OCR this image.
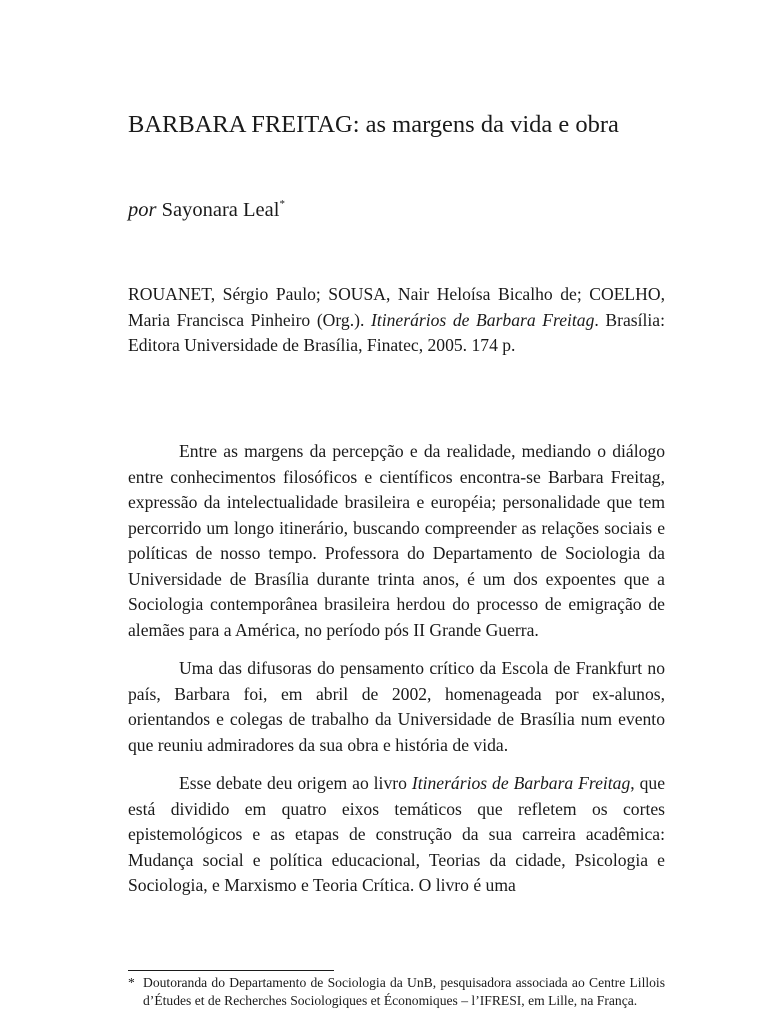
BARBARA FREITAG: as margens da vida e obra

por Sayonara Leal*

ROUANET, Sérgio Paulo; SOUSA, Nair Heloísa Bicalho de; COELHO, Maria Francisca Pinheiro (Org.). Itinerários de Barbara Freitag. Brasília: Editora Universidade de Brasília, Finatec, 2005. 174 p.

Entre as margens da percepção e da realidade, mediando o diálogo entre conhecimentos filosóficos e científicos encontra-se Barbara Freitag, expressão da intelectualidade brasileira e européia; personalidade que tem percorrido um longo itinerário, buscando compreender as relações sociais e políticas de nosso tempo. Professora do Departamento de Sociologia da Universidade de Brasília durante trinta anos, é um dos expoentes que a Sociologia contemporânea brasileira herdou do processo de emigração de alemães para a América, no período pós II Grande Guerra.

Uma das difusoras do pensamento crítico da Escola de Frankfurt no país, Barbara foi, em abril de 2002, homenageada por ex-alunos, orientandos e colegas de trabalho da Universidade de Brasília num evento que reuniu admiradores da sua obra e história de vida.

Esse debate deu origem ao livro Itinerários de Barbara Freitag, que está dividido em quatro eixos temáticos que refletem os cortes epistemológicos e as etapas de construção da sua carreira acadêmica: Mudança social e política educacional, Teorias da cidade, Psicologia e Sociologia, e Marxismo e Teoria Crítica. O livro é uma

* Doutoranda do Departamento de Sociologia da UnB, pesquisadora associada ao Centre Lillois d’Études et de Recherches Sociologiques et Économiques – l’IFRESI, em Lille, na França.
